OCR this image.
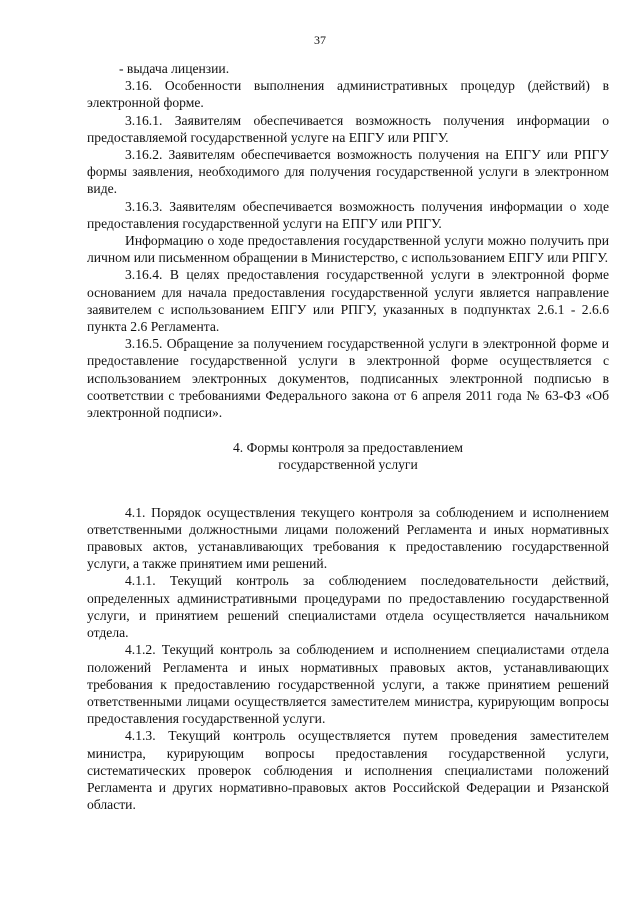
37

- выдача лицензии.

3.16. Особенности выполнения административных процедур (действий) в электронной форме.

3.16.1. Заявителям обеспечивается возможность получения информации о предоставляемой государственной услуге на ЕПГУ или РПГУ.

3.16.2. Заявителям обеспечивается возможность получения на ЕПГУ или РПГУ формы заявления, необходимого для получения государственной услуги в электронном виде.

3.16.3. Заявителям обеспечивается возможность получения информации о ходе предоставления государственной услуги на ЕПГУ или РПГУ.

Информацию о ходе предоставления государственной услуги можно получить при личном или письменном обращении в Министерство, с использованием ЕПГУ или РПГУ.

3.16.4. В целях предоставления государственной услуги в электронной форме основанием для начала предоставления государственной услуги является направление заявителем с использованием ЕПГУ или РПГУ, указанных в подпунктах 2.6.1 - 2.6.6 пункта 2.6 Регламента.

3.16.5. Обращение за получением государственной услуги в электронной форме и предоставление государственной услуги в электронной форме осуществляется с использованием электронных документов, подписанных электронной подписью в соответствии с требованиями Федерального закона от 6 апреля 2011 года № 63-ФЗ «Об электронной подписи».

4. Формы контроля за предоставлением
государственной услуги

4.1. Порядок осуществления текущего контроля за соблюдением и исполнением ответственными должностными лицами положений Регламента и иных нормативных правовых актов, устанавливающих требования к предоставлению государственной услуги, а также принятием ими решений.

4.1.1. Текущий контроль за соблюдением последовательности действий, определенных административными процедурами по предоставлению государственной услуги, и принятием решений специалистами отдела осуществляется начальником отдела.

4.1.2. Текущий контроль за соблюдением и исполнением специалистами отдела положений Регламента и иных нормативных правовых актов, устанавливающих требования к предоставлению государственной услуги, а также принятием решений ответственными лицами осуществляется заместителем министра, курирующим вопросы предоставления государственной услуги.

4.1.3. Текущий контроль осуществляется путем проведения заместителем министра, курирующим вопросы предоставления государственной услуги, систематических проверок соблюдения и исполнения специалистами положений Регламента и других нормативно-правовых актов Российской Федерации и Рязанской области.
